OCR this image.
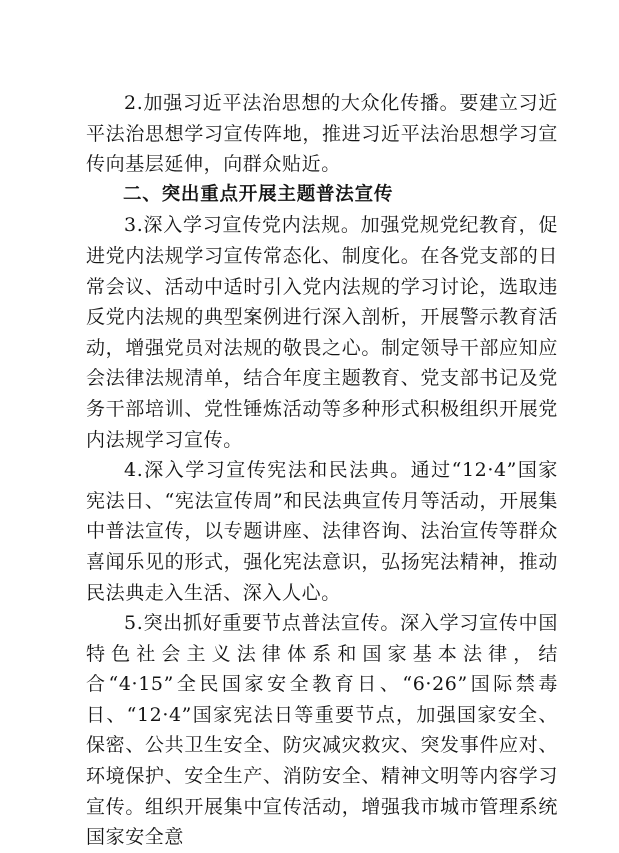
2.加强习近平法治思想的大众化传播。要建立习近平法治思想学习宣传阵地，推进习近平法治思想学习宣传向基层延伸，向群众贴近。

二、突出重点开展主题普法宣传

3.深入学习宣传党内法规。加强党规党纪教育，促进党内法规学习宣传常态化、制度化。在各党支部的日常会议、活动中适时引入党内法规的学习讨论，选取违反党内法规的典型案例进行深入剖析，开展警示教育活动，增强党员对法规的敬畏之心。制定领导干部应知应会法律法规清单，结合年度主题教育、党支部书记及党务干部培训、党性锤炼活动等多种形式积极组织开展党内法规学习宣传。

4.深入学习宣传宪法和民法典。通过“12·4”国家宪法日、“宪法宣传周”和民法典宣传月等活动，开展集中普法宣传，以专题讲座、法律咨询、法治宣传等群众喜闻乐见的形式，强化宪法意识，弘扬宪法精神，推动民法典走入生活、深入人心。

5.突出抓好重要节点普法宣传。深入学习宣传中国特色社会主义法律体系和国家基本法律，结合“4·15”全民国家安全教育日、“6·26”国际禁毒日、“12·4”国家宪法日等重要节点，加强国家安全、保密、公共卫生安全、防灾减灾救灾、突发事件应对、环境保护、安全生产、消防安全、精神文明等内容学习宣传。组织开展集中宣传活动，增强我市城市管理系统国家安全意
